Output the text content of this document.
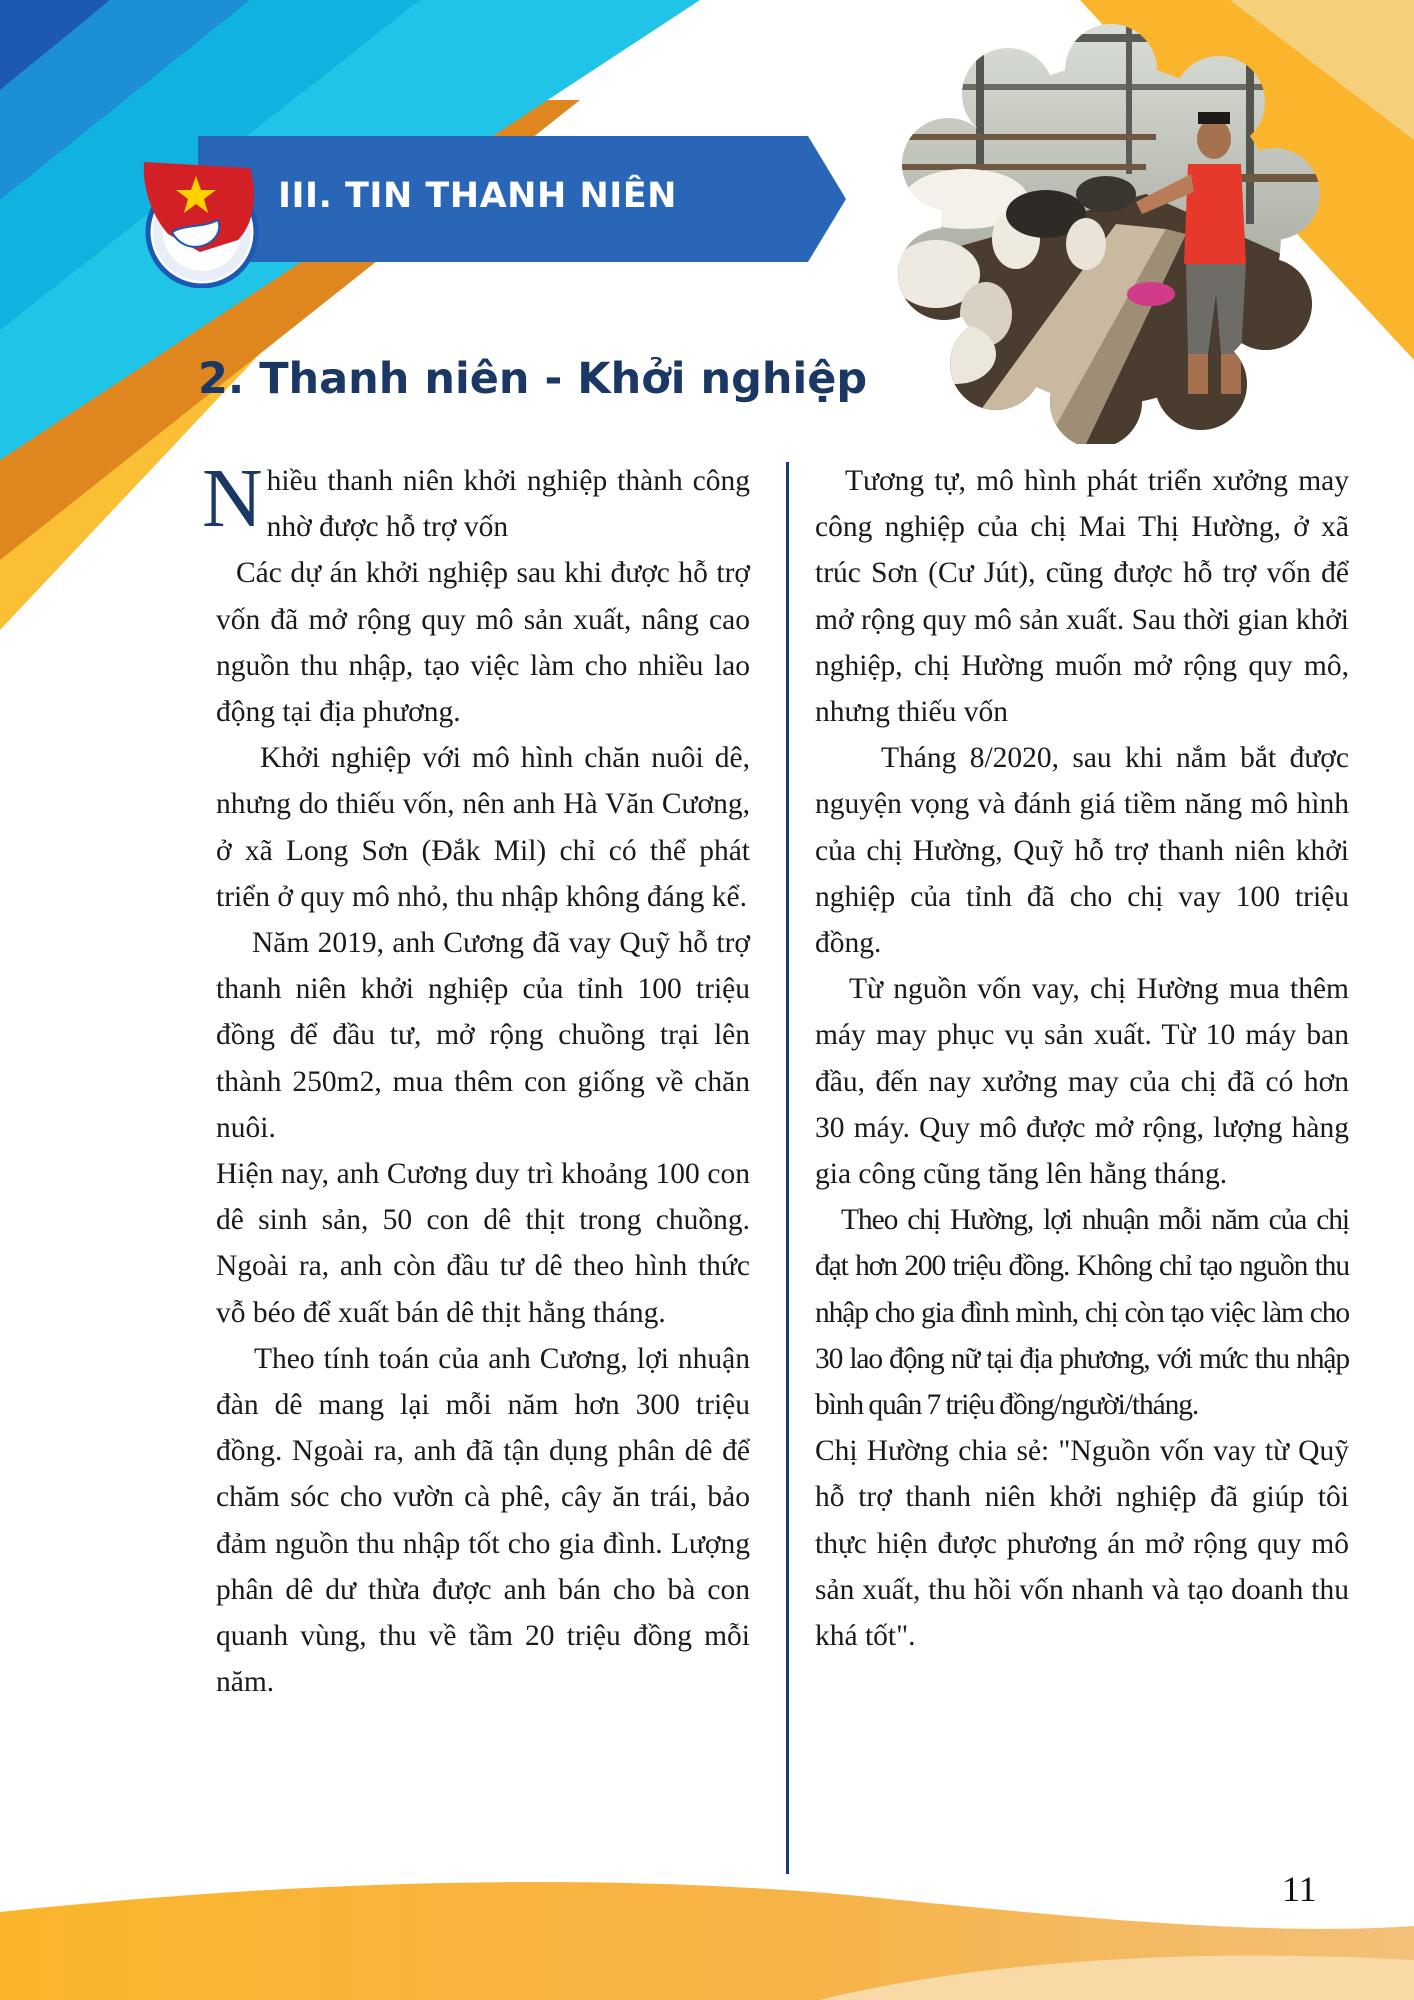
III. TIN THANH NIÊN
2. Thanh niên - Khởi nghiệp

Nhiều thanh niên khởi nghiệp thành công nhờ được hỗ trợ vốn

Các dự án khởi nghiệp sau khi được hỗ trợ vốn đã mở rộng quy mô sản xuất, nâng cao nguồn thu nhập, tạo việc làm cho nhiều lao động tại địa phương.

Khởi nghiệp với mô hình chăn nuôi dê, nhưng do thiếu vốn, nên anh Hà Văn Cương, ở xã Long Sơn (Đắk Mil) chỉ có thể phát triển ở quy mô nhỏ, thu nhập không đáng kể.

Năm 2019, anh Cương đã vay Quỹ hỗ trợ thanh niên khởi nghiệp của tỉnh 100 triệu đồng để đầu tư, mở rộng chuồng trại lên thành 250m2, mua thêm con giống về chăn nuôi.

Hiện nay, anh Cương duy trì khoảng 100 con dê sinh sản, 50 con dê thịt trong chuồng. Ngoài ra, anh còn đầu tư dê theo hình thức vỗ béo để xuất bán dê thịt hằng tháng.

Theo tính toán của anh Cương, lợi nhuận đàn dê mang lại mỗi năm hơn 300 triệu đồng. Ngoài ra, anh đã tận dụng phân dê để chăm sóc cho vườn cà phê, cây ăn trái, bảo đảm nguồn thu nhập tốt cho gia đình. Lượng phân dê dư thừa được anh bán cho bà con quanh vùng, thu về tầm 20 triệu đồng mỗi năm.

Tương tự, mô hình phát triển xưởng may công nghiệp của chị Mai Thị Hường, ở xã trúc Sơn (Cư Jút), cũng được hỗ trợ vốn để mở rộng quy mô sản xuất. Sau thời gian khởi nghiệp, chị Hường muốn mở rộng quy mô, nhưng thiếu vốn

Tháng 8/2020, sau khi nắm bắt được nguyện vọng và đánh giá tiềm năng mô hình của chị Hường, Quỹ hỗ trợ thanh niên khởi nghiệp của tỉnh đã cho chị vay 100 triệu đồng.

Từ nguồn vốn vay, chị Hường mua thêm máy may phục vụ sản xuất. Từ 10 máy ban đầu, đến nay xưởng may của chị đã có hơn 30 máy. Quy mô được mở rộng, lượng hàng gia công cũng tăng lên hằng tháng.

Theo chị Hường, lợi nhuận mỗi năm của chị đạt hơn 200 triệu đồng. Không chỉ tạo nguồn thu nhập cho gia đình mình, chị còn tạo việc làm cho 30 lao động nữ tại địa phương, với mức thu nhập bình quân 7 triệu đồng/người/tháng.

Chị Hường chia sẻ: "Nguồn vốn vay từ Quỹ hỗ trợ thanh niên khởi nghiệp đã giúp tôi thực hiện được phương án mở rộng quy mô sản xuất, thu hồi vốn nhanh và tạo doanh thu khá tốt".

11
